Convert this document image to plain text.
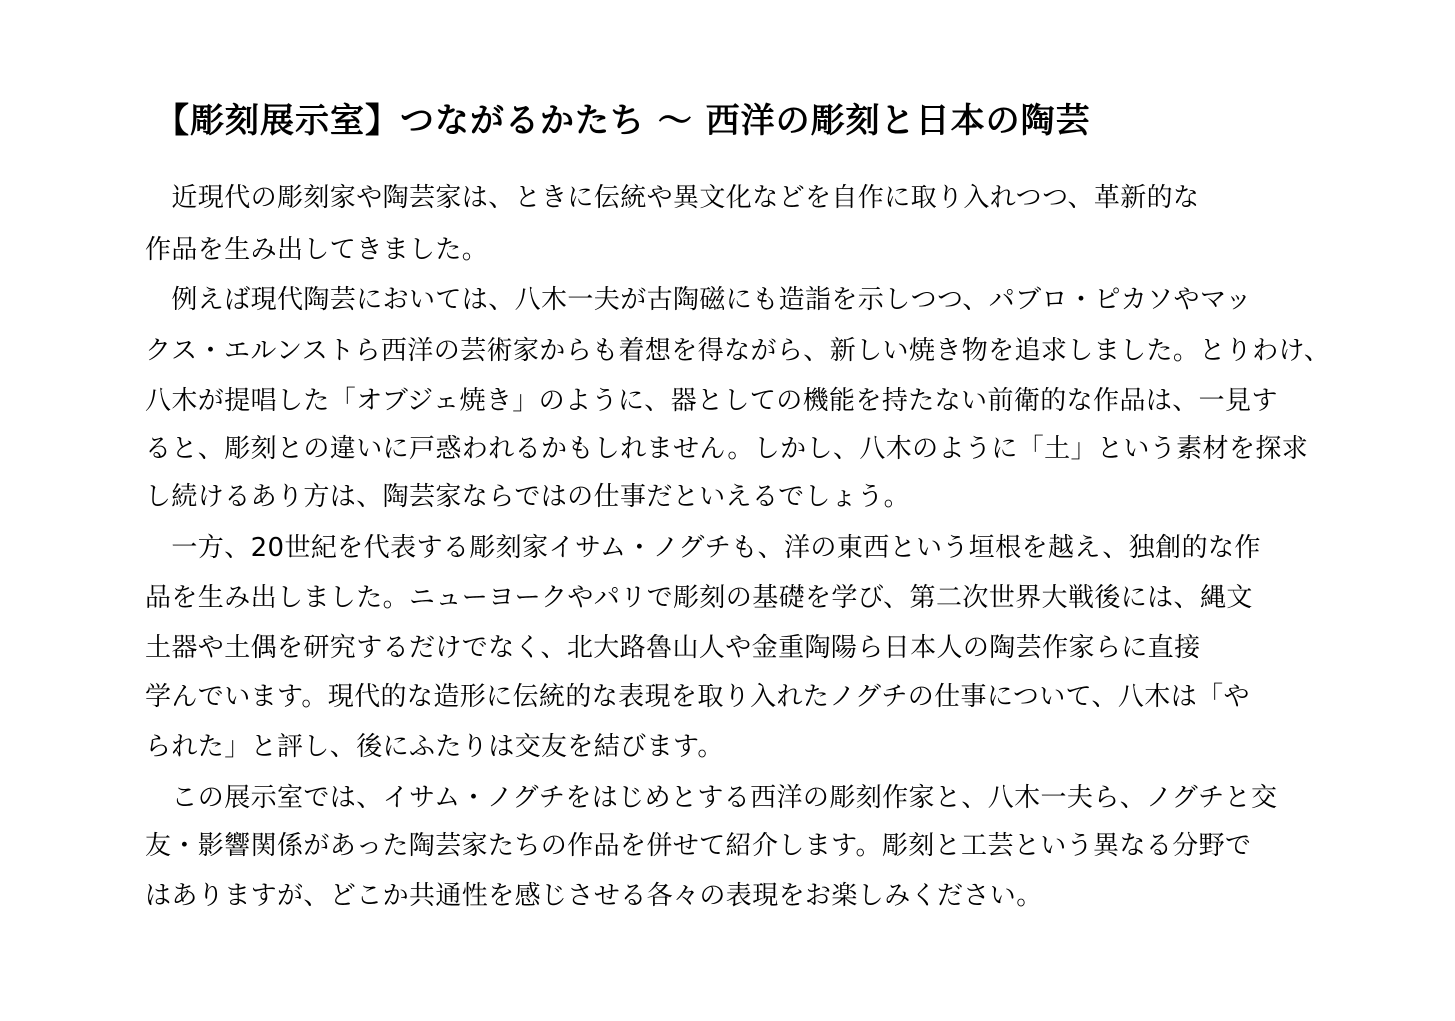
【彫刻展示室】つながるかたち ～ 西洋の彫刻と日本の陶芸
　近現代の彫刻家や陶芸家は、ときに伝統や異文化などを自作に取り入れつつ、革新的な
作品を生み出してきました。
　例えば現代陶芸においては、八木一夫が古陶磁にも造詣を示しつつ、パブロ・ピカソやマッ
クス・エルンストら西洋の芸術家からも着想を得ながら、新しい焼き物を追求しました。とりわけ、
八木が提唱した「オブジェ焼き」のように、器としての機能を持たない前衛的な作品は、一見す
ると、彫刻との違いに戸惑われるかもしれません。しかし、八木のように「土」という素材を探求
し続けるあり方は、陶芸家ならではの仕事だといえるでしょう。
　一方、20世紀を代表する彫刻家イサム・ノグチも、洋の東西という垣根を越え、独創的な作
品を生み出しました。ニューヨークやパリで彫刻の基礎を学び、第二次世界大戦後には、縄文
土器や土偶を研究するだけでなく、北大路魯山人や金重陶陽ら日本人の陶芸作家らに直接
学んでいます。現代的な造形に伝統的な表現を取り入れたノグチの仕事について、八木は「や
られた」と評し、後にふたりは交友を結びます。
　この展示室では、イサム・ノグチをはじめとする西洋の彫刻作家と、八木一夫ら、ノグチと交
友・影響関係があった陶芸家たちの作品を併せて紹介します。彫刻と工芸という異なる分野で
はありますが、どこか共通性を感じさせる各々の表現をお楽しみください。
